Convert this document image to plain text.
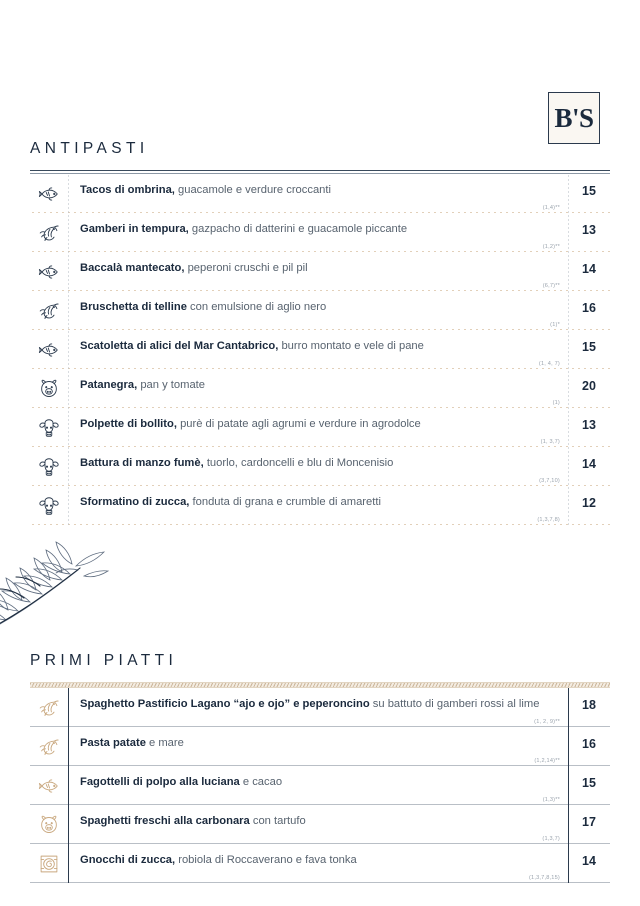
B'S
ANTIPASTI
Tacos di ombrina, guacamole e verdure croccanti
(1,4)**
15
Gamberi in tempura, gazpacho di datterini e guacamole piccante
(1,2)**
13
Baccalà mantecato, peperoni cruschi e pil pil
(6,7)**
14
Bruschetta di telline con emulsione di aglio nero
(1)*
16
Scatoletta di alici del Mar Cantabrico, burro montato e vele di pane
(1, 4, 7)
15
Patanegra, pan y tomate
(1)
20
Polpette di bollito, purè di patate agli agrumi e verdure in agrodolce
(1, 3,7)
13
Battura di manzo fumè, tuorlo, cardoncelli e blu di Moncenisio
(3,7,10)
14
Sformatino di zucca, fonduta di grana e crumble di amaretti
(1,3,7,8)
12
PRIMI PIATTI
Spaghetto Pastificio Lagano “ajo e ojo” e peperoncino su battuto di gamberi rossi al lime
(1, 2, 9)**
18
Pasta patate e mare
(1,2,14)**
16
Fagottelli di polpo alla luciana e cacao
(1,3)**
15
Spaghetti freschi alla carbonara con tartufo
(1,3,7)
17
Gnocchi di zucca, robiola di Roccaverano e fava tonka
(1,3,7,8,15)
14
